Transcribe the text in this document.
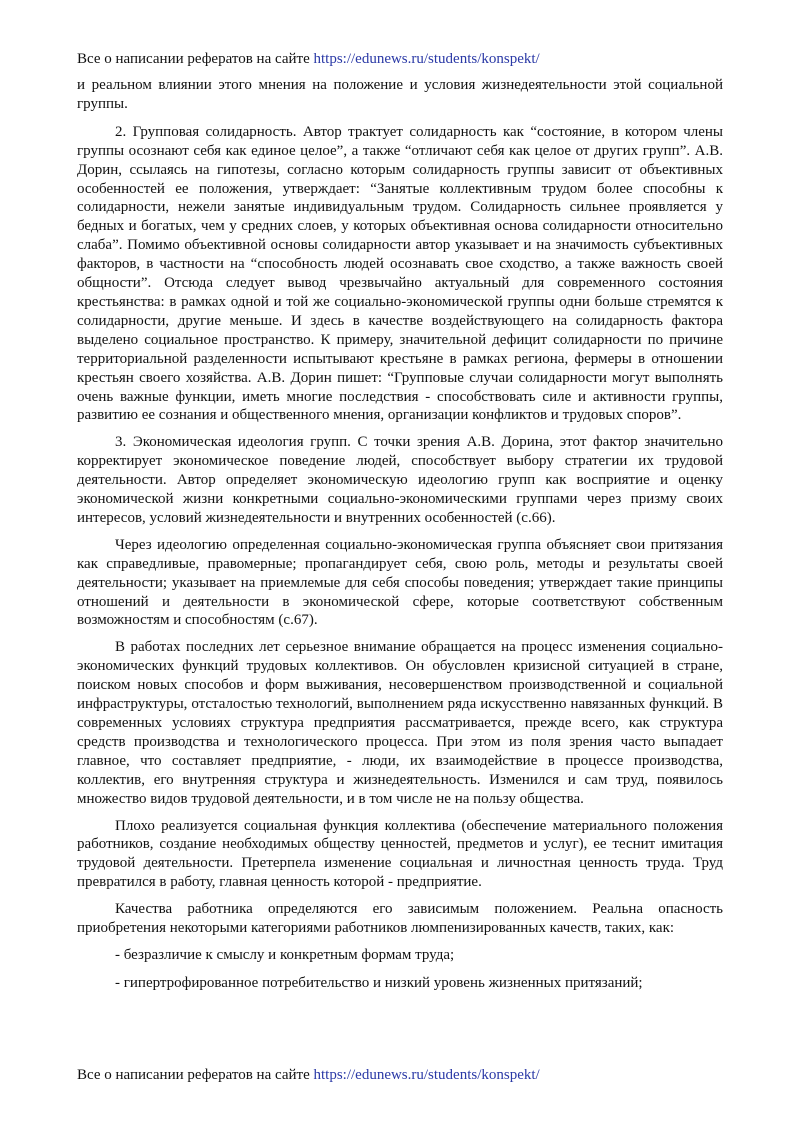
Все о написании рефератов на сайте https://edunews.ru/students/konspekt/

и реальном влиянии этого мнения на положение и условия жизнедеятельности этой социальной группы.

2. Групповая солидарность. Автор трактует солидарность как “состояние, в котором члены группы осознают себя как единое целое”, а также “отличают себя как целое от других групп”. А.В. Дорин, ссылаясь на гипотезы, согласно которым солидарность группы зависит от объективных особенностей ее положения, утверждает: “Занятые коллективным трудом более способны к солидарности, нежели занятые индивидуальным трудом. Солидарность сильнее проявляется у бедных и богатых, чем у средних слоев, у которых объективная основа солидарности относительно слаба”. Помимо объективной основы солидарности автор указывает и на значимость субъективных факторов, в частности на “способность людей осознавать свое сходство, а также важность своей общности”. Отсюда следует вывод чрезвычайно актуальный для современного состояния крестьянства: в рамках одной и той же социально-экономической группы одни больше стремятся к солидарности, другие меньше. И здесь в качестве воздействующего на солидарность фактора выделено социальное пространство. К примеру, значительной дефицит солидарности по причине территориальной разделенности испытывают крестьяне в рамках региона, фермеры в отношении крестьян своего хозяйства. А.В. Дорин пишет: “Групповые случаи солидарности могут выполнять очень важные функции, иметь многие последствия - способствовать силе и активности группы, развитию ее сознания и общественного мнения, организации конфликтов и трудовых споров”.

3. Экономическая идеология групп. С точки зрения А.В. Дорина, этот фактор значительно корректирует экономическое поведение людей, способствует выбору стратегии их трудовой деятельности. Автор определяет экономическую идеологию групп как восприятие и оценку экономической жизни конкретными социально-экономическими группами через призму своих интересов, условий жизнедеятельности и внутренних особенностей (с.66).

Через идеологию определенная социально-экономическая группа объясняет свои притязания как справедливые, правомерные; пропагандирует себя, свою роль, методы и результаты своей деятельности; указывает на приемлемые для себя способы поведения; утверждает такие принципы отношений и деятельности в экономической сфере, которые соответствуют собственным возможностям и способностям (с.67).

В работах последних лет серьезное внимание обращается на процесс изменения социально-экономических функций трудовых коллективов. Он обусловлен кризисной ситуацией в стране, поиском новых способов и форм выживания, несовершенством производственной и социальной инфраструктуры, отсталостью технологий, выполнением ряда искусственно навязанных функций. В современных условиях структура предприятия рассматривается, прежде всего, как структура средств производства и технологического процесса. При этом из поля зрения часто выпадает главное, что составляет предприятие, - люди, их взаимодействие в процессе производства, коллектив, его внутренняя структура и жизнедеятельность. Изменился и сам труд, появилось множество видов трудовой деятельности, и в том числе не на пользу общества.

Плохо реализуется социальная функция коллектива (обеспечение материального положения работников, создание необходимых обществу ценностей, предметов и услуг), ее теснит имитация трудовой деятельности. Претерпела изменение социальная и личностная ценность труда. Труд превратился в работу, главная ценность которой - предприятие.

Качества работника определяются его зависимым положением. Реальна опасность приобретения некоторыми категориями работников люмпенизированных качеств, таких, как:

- безразличие к смыслу и конкретным формам труда;

- гипертрофированное потребительство и низкий уровень жизненных притязаний;

Все о написании рефератов на сайте https://edunews.ru/students/konspekt/
